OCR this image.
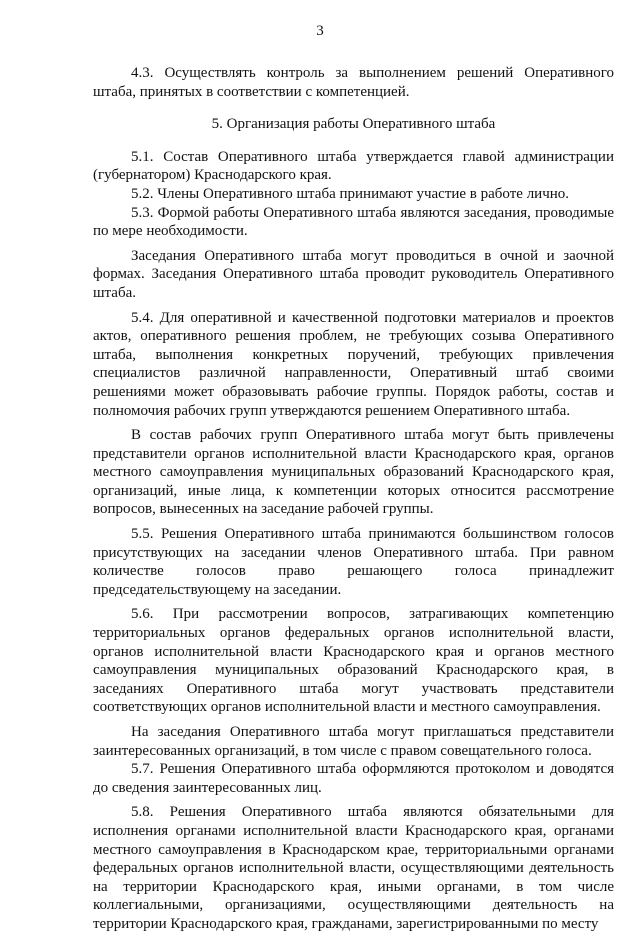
3

4.3. Осуществлять контроль за выполнением решений Оперативного штаба, принятых в соответствии с компетенцией.

5. Организация работы Оперативного штаба

5.1. Состав Оперативного штаба утверждается главой администрации (губернатором) Краснодарского края.

5.2. Члены Оперативного штаба принимают участие в работе лично.

5.3. Формой работы Оперативного штаба являются заседания, проводимые по мере необходимости.

Заседания Оперативного штаба могут проводиться в очной и заочной формах. Заседания Оперативного штаба проводит руководитель Оперативного штаба.

5.4. Для оперативной и качественной подготовки материалов и проектов актов, оперативного решения проблем, не требующих созыва Оперативного штаба, выполнения конкретных поручений, требующих привлечения специалистов различной направленности, Оперативный штаб своими решениями может образовывать рабочие группы. Порядок работы, состав и полномочия рабочих групп утверждаются решением Оперативного штаба.

В состав рабочих групп Оперативного штаба могут быть привлечены представители органов исполнительной власти Краснодарского края, органов местного самоуправления муниципальных образований Краснодарского края, организаций, иные лица, к компетенции которых относится рассмотрение вопросов, вынесенных на заседание рабочей группы.

5.5. Решения Оперативного штаба принимаются большинством голосов присутствующих на заседании членов Оперативного штаба. При равном количестве голосов право решающего голоса принадлежит председательствующему на заседании.

5.6. При рассмотрении вопросов, затрагивающих компетенцию территориальных органов федеральных органов исполнительной власти, органов исполнительной власти Краснодарского края и органов местного самоуправления муниципальных образований Краснодарского края, в заседаниях Оперативного штаба могут участвовать представители соответствующих органов исполнительной власти и местного самоуправления.

На заседания Оперативного штаба могут приглашаться представители заинтересованных организаций, в том числе с правом совещательного голоса.

5.7. Решения Оперативного штаба оформляются протоколом и доводятся до сведения заинтересованных лиц.

5.8. Решения Оперативного штаба являются обязательными для исполнения органами исполнительной власти Краснодарского края, органами местного самоуправления в Краснодарском крае, территориальными органами федеральных органов исполнительной власти, осуществляющими деятельность на территории Краснодарского края, иными органами, в том числе коллегиальными, организациями, осуществляющими деятельность на территории Краснодарского края, гражданами, зарегистрированными по месту
